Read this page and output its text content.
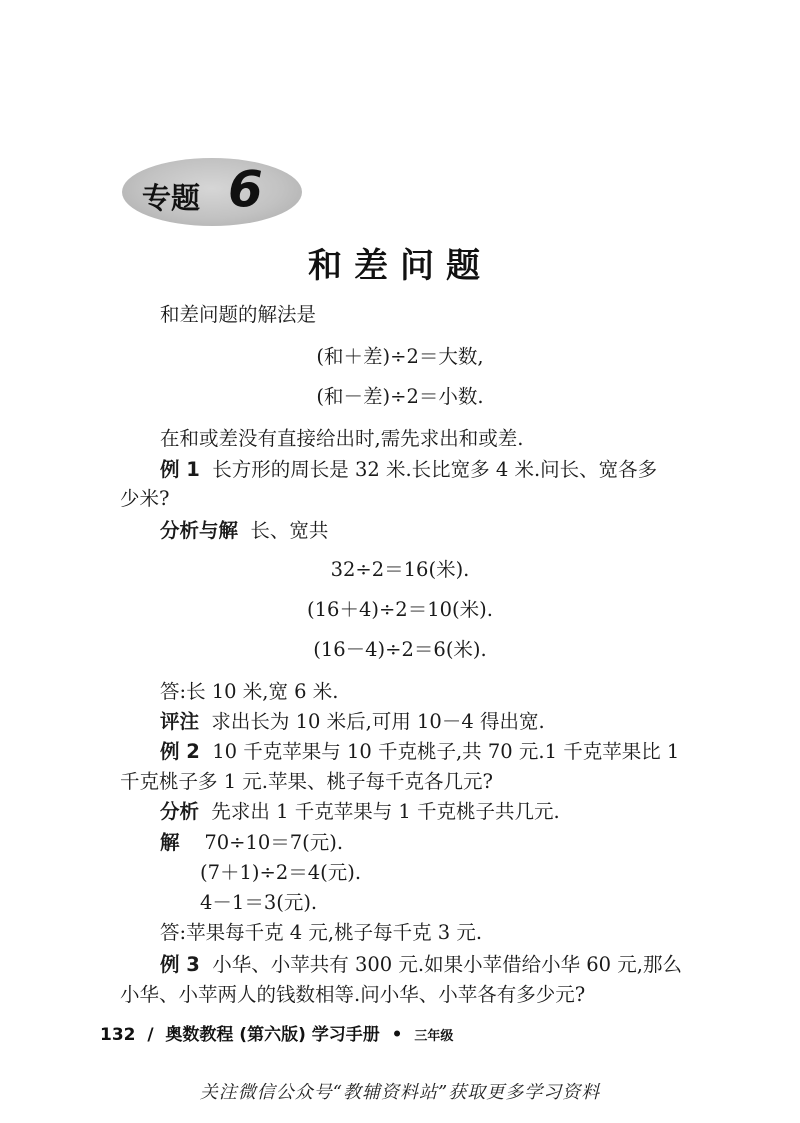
专题 6
和差问题
和差问题的解法是
(和＋差)÷2＝大数,
(和－差)÷2＝小数.
在和或差没有直接给出时,需先求出和或差.
例 1 长方形的周长是 32 米.长比宽多 4 米.问长、宽各多
少米?
分析与解 长、宽共
32÷2＝16(米).
(16＋4)÷2＝10(米).
(16－4)÷2＝6(米).
答:长 10 米,宽 6 米.
评注 求出长为 10 米后,可用 10－4 得出宽.
例 2 10 千克苹果与 10 千克桃子,共 70 元.1 千克苹果比 1
千克桃子多 1 元.苹果、桃子每千克各几元?
分析 先求出 1 千克苹果与 1 千克桃子共几元.
解 70÷10＝7(元).
(7＋1)÷2＝4(元).
4－1＝3(元).
答:苹果每千克 4 元,桃子每千克 3 元.
例 3 小华、小苹共有 300 元.如果小苹借给小华 60 元,那么
小华、小苹两人的钱数相等.问小华、小苹各有多少元?
132  /  奥数教程 (第六版) 学习手册  •  三年级
关注微信公众号“教辅资料站”获取更多学习资料
